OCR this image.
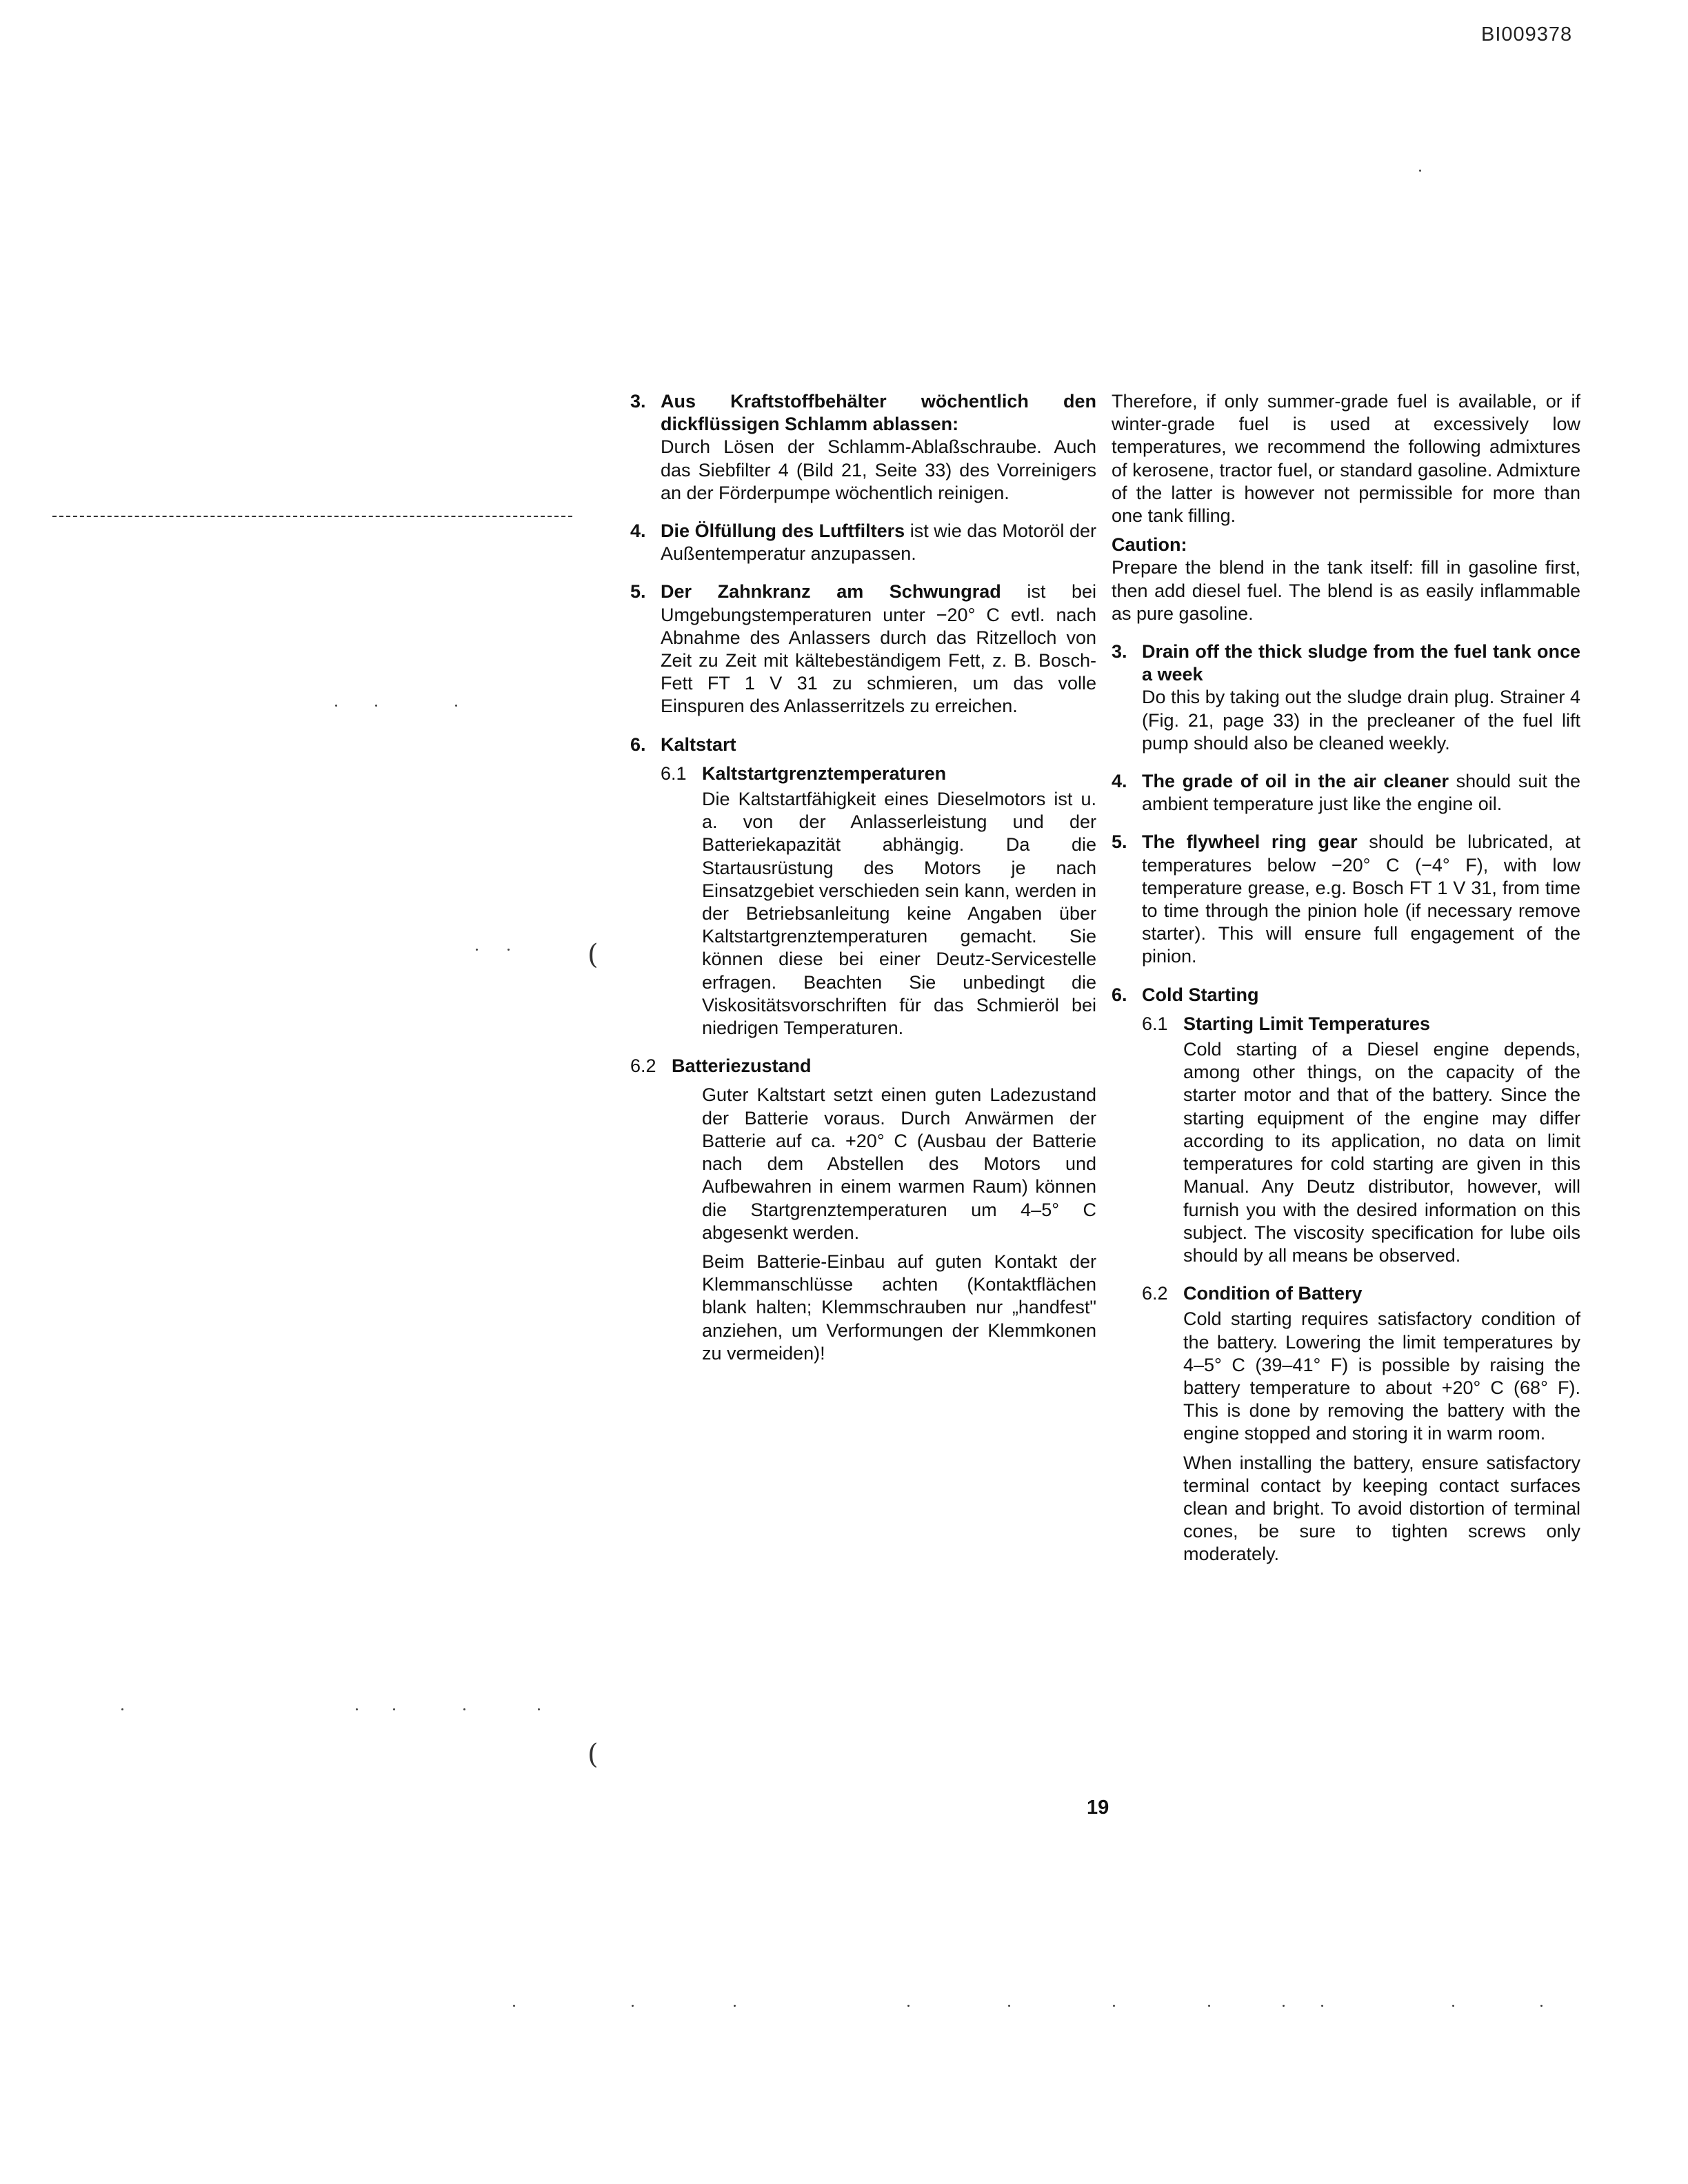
BI009378
(
(
3. Aus Kraftstoffbehälter wöchentlich den dickflüssigen Schlamm ablassen:

Durch Lösen der Schlamm-Ablaßschraube. Auch das Siebfilter 4 (Bild 21, Seite 33) des Vorreinigers an der Förderpumpe wöchentlich reinigen.

4. Die Ölfüllung des Luftfilters ist wie das Motoröl der Außentemperatur anzupassen.

5. Der Zahnkranz am Schwungrad ist bei Umgebungstemperaturen unter −20° C evtl. nach Abnahme des Anlassers durch das Ritzelloch von Zeit zu Zeit mit kältebeständigem Fett, z. B. Bosch-Fett FT 1 V 31 zu schmieren, um das volle Einspuren des Anlasserritzels zu erreichen.

6. Kaltstart

6.1 Kaltstartgrenztemperaturen

Die Kaltstartfähigkeit eines Dieselmotors ist u. a. von der Anlasserleistung und der Batteriekapazität abhängig. Da die Startausrüstung des Motors je nach Einsatzgebiet verschieden sein kann, werden in der Betriebsanleitung keine Angaben über Kaltstartgrenztemperaturen gemacht. Sie können diese bei einer Deutz-Servicestelle erfragen. Beachten Sie unbedingt die Viskositätsvorschriften für das Schmieröl bei niedrigen Temperaturen.

6.2 Batteriezustand

Guter Kaltstart setzt einen guten Ladezustand der Batterie voraus. Durch Anwärmen der Batterie auf ca. +20° C (Ausbau der Batterie nach dem Abstellen des Motors und Aufbewahren in einem warmen Raum) können die Startgrenztemperaturen um 4–5° C abgesenkt werden.

Beim Batterie-Einbau auf guten Kontakt der Klemmanschlüsse achten (Kontaktflächen blank halten; Klemmschrauben nur „handfest" anziehen, um Verformungen der Klemmkonen zu vermeiden)!

Therefore, if only summer-grade fuel is available, or if winter-grade fuel is used at excessively low temperatures, we recommend the following admixtures of kerosene, tractor fuel, or standard gasoline. Admixture of the latter is however not permissible for more than one tank filling.

Caution:

Prepare the blend in the tank itself: fill in gasoline first, then add diesel fuel. The blend is as easily inflammable as pure gasoline.

3. Drain off the thick sludge from the fuel tank once a week

Do this by taking out the sludge drain plug. Strainer 4 (Fig. 21, page 33) in the precleaner of the fuel lift pump should also be cleaned weekly.

4. The grade of oil in the air cleaner should suit the ambient temperature just like the engine oil.

5. The flywheel ring gear should be lubricated, at temperatures below −20° C (−4° F), with low temperature grease, e.g. Bosch FT 1 V 31, from time to time through the pinion hole (if necessary remove starter). This will ensure full engagement of the pinion.

6. Cold Starting

6.1 Starting Limit Temperatures

Cold starting of a Diesel engine depends, among other things, on the capacity of the starter motor and that of the battery. Since the starting equipment of the engine may differ according to its application, no data on limit temperatures for cold starting are given in this Manual. Any Deutz distributor, however, will furnish you with the desired information on this subject. The viscosity specification for lube oils should by all means be observed.

6.2 Condition of Battery

Cold starting requires satisfactory condition of the battery. Lowering the limit temperatures by 4–5° C (39–41° F) is possible by raising the battery temperature to about +20° C (68° F). This is done by removing the battery with the engine stopped and storing it in warm room.

When installing the battery, ensure satisfactory terminal contact by keeping contact surfaces clean and bright. To avoid distortion of terminal cones, be sure to tighten screws only moderately.

19
